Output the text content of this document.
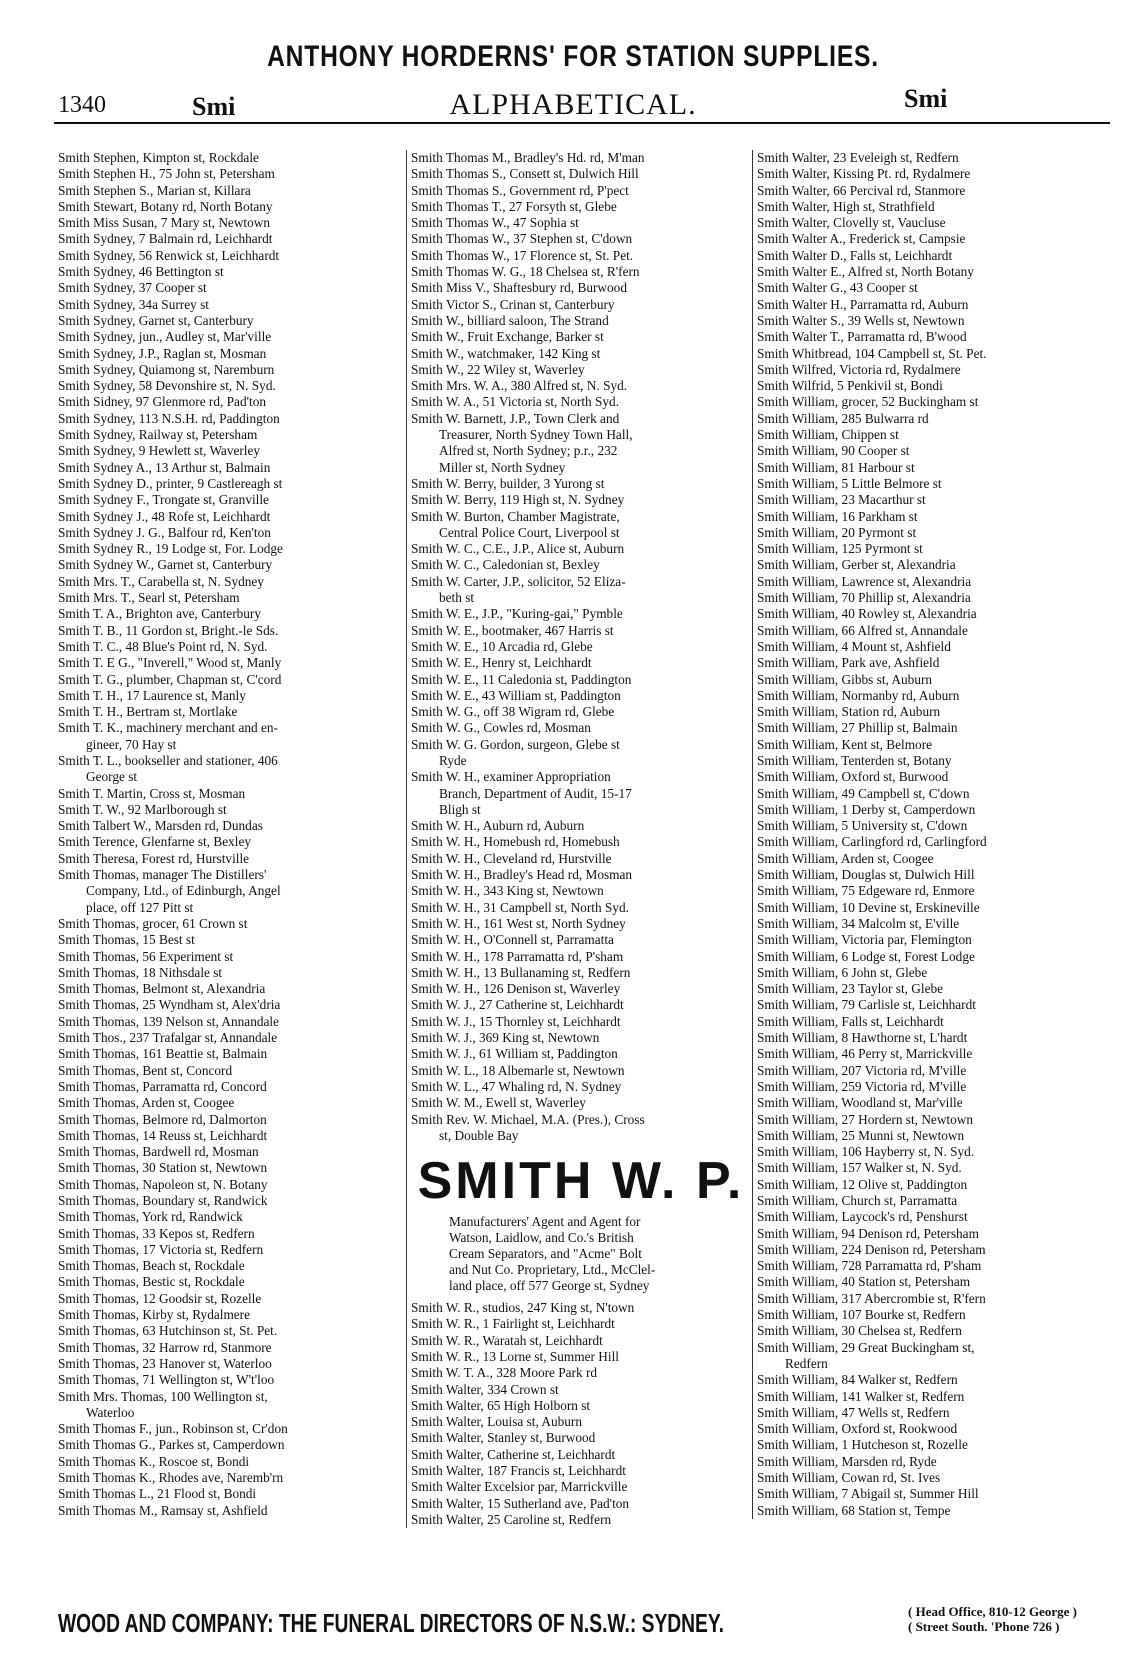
ANTHONY HORDERNS' FOR STATION SUPPLIES.
1340	Smi	ALPHABETICAL.	Smi

Smith Stephen, Kimpton st, Rockdale

Smith Stephen H., 75 John st, Petersham

Smith Stephen S., Marian st, Killara

Smith Stewart, Botany rd, North Botany

Smith Miss Susan, 7 Mary st, Newtown

Smith Sydney, 7 Balmain rd, Leichhardt

Smith Sydney, 56 Renwick st, Leichhardt

Smith Sydney, 46 Bettington st

Smith Sydney, 37 Cooper st

Smith Sydney, 34a Surrey st

Smith Sydney, Garnet st, Canterbury

Smith Sydney, jun., Audley st, Mar'ville

Smith Sydney, J.P., Raglan st, Mosman

Smith Sydney, Quiamong st, Naremburn

Smith Sydney, 58 Devonshire st, N. Syd.

Smith Sidney, 97 Glenmore rd, Pad'ton

Smith Sydney, 113 N.S.H. rd, Paddington

Smith Sydney, Railway st, Petersham

Smith Sydney, 9 Hewlett st, Waverley

Smith Sydney A., 13 Arthur st, Balmain

Smith Sydney D., printer, 9 Castlereagh st

Smith Sydney F., Trongate st, Granville

Smith Sydney J., 48 Rofe st, Leichhardt

Smith Sydney J. G., Balfour rd, Ken'ton

Smith Sydney R., 19 Lodge st, For. Lodge

Smith Sydney W., Garnet st, Canterbury

Smith Mrs. T., Carabella st, N. Sydney

Smith Mrs. T., Searl st, Petersham

Smith T. A., Brighton ave, Canterbury

Smith T. B., 11 Gordon st, Bright.-le Sds.

Smith T. C., 48 Blue's Point rd, N. Syd.

Smith T. E G., "Inverell," Wood st, Manly

Smith T. G., plumber, Chapman st, C'cord

Smith T. H., 17 Laurence st, Manly

Smith T. H., Bertram st, Mortlake

Smith T. K., machinery merchant and en-
gineer, 70 Hay st

Smith T. L., bookseller and stationer, 406
George st

Smith T. Martin, Cross st, Mosman

Smith T. W., 92 Marlborough st

Smith Talbert W., Marsden rd, Dundas

Smith Terence, Glenfarne st, Bexley

Smith Theresa, Forest rd, Hurstville

Smith Thomas, manager The Distillers'
Company, Ltd., of Edinburgh, Angel
place, off 127 Pitt st

Smith Thomas, grocer, 61 Crown st

Smith Thomas, 15 Best st

Smith Thomas, 56 Experiment st

Smith Thomas, 18 Nithsdale st

Smith Thomas, Belmont st, Alexandria

Smith Thomas, 25 Wyndham st, Alex'dria

Smith Thomas, 139 Nelson st, Annandale

Smith Thos., 237 Trafalgar st, Annandale

Smith Thomas, 161 Beattie st, Balmain

Smith Thomas, Bent st, Concord

Smith Thomas, Parramatta rd, Concord

Smith Thomas, Arden st, Coogee

Smith Thomas, Belmore rd, Dalmorton

Smith Thomas, 14 Reuss st, Leichhardt

Smith Thomas, Bardwell rd, Mosman

Smith Thomas, 30 Station st, Newtown

Smith Thomas, Napoleon st, N. Botany

Smith Thomas, Boundary st, Randwick

Smith Thomas, York rd, Randwick

Smith Thomas, 33 Kepos st, Redfern

Smith Thomas, 17 Victoria st, Redfern

Smith Thomas, Beach st, Rockdale

Smith Thomas, Bestic st, Rockdale

Smith Thomas, 12 Goodsir st, Rozelle

Smith Thomas, Kirby st, Rydalmere

Smith Thomas, 63 Hutchinson st, St. Pet.

Smith Thomas, 32 Harrow rd, Stanmore

Smith Thomas, 23 Hanover st, Waterloo

Smith Thomas, 71 Wellington st, W't'loo

Smith Mrs. Thomas, 100 Wellington st,
Waterloo

Smith Thomas F., jun., Robinson st, Cr'don

Smith Thomas G., Parkes st, Camperdown

Smith Thomas K., Roscoe st, Bondi

Smith Thomas K., Rhodes ave, Naremb'rn

Smith Thomas L., 21 Flood st, Bondi

Smith Thomas M., Ramsay st, Ashfield

Smith Thomas M., Bradley's Hd. rd, M'man

Smith Thomas S., Consett st, Dulwich Hill

Smith Thomas S., Government rd, P'pect

Smith Thomas T., 27 Forsyth st, Glebe

Smith Thomas W., 47 Sophia st

Smith Thomas W., 37 Stephen st, C'down

Smith Thomas W., 17 Florence st, St. Pet.

Smith Thomas W. G., 18 Chelsea st, R'fern

Smith Miss V., Shaftesbury rd, Burwood

Smith Victor S., Crinan st, Canterbury

Smith W., billiard saloon, The Strand

Smith W., Fruit Exchange, Barker st

Smith W., watchmaker, 142 King st

Smith W., 22 Wiley st, Waverley

Smith Mrs. W. A., 380 Alfred st, N. Syd.

Smith W. A., 51 Victoria st, North Syd.

Smith W. Barnett, J.P., Town Clerk and
Treasurer, North Sydney Town Hall,
Alfred st, North Sydney; p.r., 232
Miller st, North Sydney

Smith W. Berry, builder, 3 Yurong st

Smith W. Berry, 119 High st, N. Sydney

Smith W. Burton, Chamber Magistrate,
Central Police Court, Liverpool st

Smith W. C., C.E., J.P., Alice st, Auburn

Smith W. C., Caledonian st, Bexley

Smith W. Carter, J.P., solicitor, 52 Eliza-
beth st

Smith W. E., J.P., "Kuring-gai," Pymble

Smith W. E., bootmaker, 467 Harris st

Smith W. E., 10 Arcadia rd, Glebe

Smith W. E., Henry st, Leichhardt

Smith W. E., 11 Caledonia st, Paddington

Smith W. E., 43 William st, Paddington

Smith W. G., off 38 Wigram rd, Glebe

Smith W. G., Cowles rd, Mosman

Smith W. G. Gordon, surgeon, Glebe st
Ryde

Smith W. H., examiner Appropriation
Branch, Department of Audit, 15-17
Bligh st

Smith W. H., Auburn rd, Auburn

Smith W. H., Homebush rd, Homebush

Smith W. H., Cleveland rd, Hurstville

Smith W. H., Bradley's Head rd, Mosman

Smith W. H., 343 King st, Newtown

Smith W. H., 31 Campbell st, North Syd.

Smith W. H., 161 West st, North Sydney

Smith W. H., O'Connell st, Parramatta

Smith W. H., 178 Parramatta rd, P'sham

Smith W. H., 13 Bullanaming st, Redfern

Smith W. H., 126 Denison st, Waverley

Smith W. J., 27 Catherine st, Leichhardt

Smith W. J., 15 Thornley st, Leichhardt

Smith W. J., 369 King st, Newtown

Smith W. J., 61 William st, Paddington

Smith W. L., 18 Albemarle st, Newtown

Smith W. L., 47 Whaling rd, N. Sydney

Smith W. M., Ewell st, Waverley

Smith Rev. W. Michael, M.A. (Pres.), Cross
st, Double Bay

SMITH W. P.
Manufacturers' Agent and Agent for
Watson, Laidlow, and Co.'s British
Cream Separators, and "Acme" Bolt
and Nut Co. Proprietary, Ltd., McClel-
land place, off 577 George st, Sydney

Smith W. R., studios, 247 King st, N'town

Smith W. R., 1 Fairlight st, Leichhardt

Smith W. R., Waratah st, Leichhardt

Smith W. R., 13 Lorne st, Summer Hill

Smith W. T. A., 328 Moore Park rd

Smith Walter, 334 Crown st

Smith Walter, 65 High Holborn st

Smith Walter, Louisa st, Auburn

Smith Walter, Stanley st, Burwood

Smith Walter, Catherine st, Leichhardt

Smith Walter, 187 Francis st, Leichhardt

Smith Walter Excelsior par, Marrickville

Smith Walter, 15 Sutherland ave, Pad'ton

Smith Walter, 25 Caroline st, Redfern

Smith Walter, 23 Eveleigh st, Redfern

Smith Walter, Kissing Pt. rd, Rydalmere

Smith Walter, 66 Percival rd, Stanmore

Smith Walter, High st, Strathfield

Smith Walter, Clovelly st, Vaucluse

Smith Walter A., Frederick st, Campsie

Smith Walter D., Falls st, Leichhardt

Smith Walter E., Alfred st, North Botany

Smith Walter G., 43 Cooper st

Smith Walter H., Parramatta rd, Auburn

Smith Walter S., 39 Wells st, Newtown

Smith Walter T., Parramatta rd, B'wood

Smith Whitbread, 104 Campbell st, St. Pet.

Smith Wilfred, Victoria rd, Rydalmere

Smith Wilfrid, 5 Penkivil st, Bondi

Smith William, grocer, 52 Buckingham st

Smith William, 285 Bulwarra rd

Smith William, Chippen st

Smith William, 90 Cooper st

Smith William, 81 Harbour st

Smith William, 5 Little Belmore st

Smith William, 23 Macarthur st

Smith William, 16 Parkham st

Smith William, 20 Pyrmont st

Smith William, 125 Pyrmont st

Smith William, Gerber st, Alexandria

Smith William, Lawrence st, Alexandria

Smith William, 70 Phillip st, Alexandria

Smith William, 40 Rowley st, Alexandria

Smith William, 66 Alfred st, Annandale

Smith William, 4 Mount st, Ashfield

Smith William, Park ave, Ashfield

Smith William, Gibbs st, Auburn

Smith William, Normanby rd, Auburn

Smith William, Station rd, Auburn

Smith William, 27 Phillip st, Balmain

Smith William, Kent st, Belmore

Smith William, Tenterden st, Botany

Smith William, Oxford st, Burwood

Smith William, 49 Campbell st, C'down

Smith William, 1 Derby st, Camperdown

Smith William, 5 University st, C'down

Smith William, Carlingford rd, Carlingford

Smith William, Arden st, Coogee

Smith William, Douglas st, Dulwich Hill

Smith William, 75 Edgeware rd, Enmore

Smith William, 10 Devine st, Erskineville

Smith William, 34 Malcolm st, E'ville

Smith William, Victoria par, Flemington

Smith William, 6 Lodge st, Forest Lodge

Smith William, 6 John st, Glebe

Smith William, 23 Taylor st, Glebe

Smith William, 79 Carlisle st, Leichhardt

Smith William, Falls st, Leichhardt

Smith William, 8 Hawthorne st, L'hardt

Smith William, 46 Perry st, Marrickville

Smith William, 207 Victoria rd, M'ville

Smith William, 259 Victoria rd, M'ville

Smith William, Woodland st, Mar'ville

Smith William, 27 Hordern st, Newtown

Smith William, 25 Munni st, Newtown

Smith William, 106 Hayberry st, N. Syd.

Smith William, 157 Walker st, N. Syd.

Smith William, 12 Olive st, Paddington

Smith William, Church st, Parramatta

Smith William, Laycock's rd, Penshurst

Smith William, 94 Denison rd, Petersham

Smith William, 224 Denison rd, Petersham

Smith William, 728 Parramatta rd, P'sham

Smith William, 40 Station st, Petersham

Smith William, 317 Abercrombie st, R'fern

Smith William, 107 Bourke st, Redfern

Smith William, 30 Chelsea st, Redfern

Smith William, 29 Great Buckingham st,
Redfern

Smith William, 84 Walker st, Redfern

Smith William, 141 Walker st, Redfern

Smith William, 47 Wells st, Redfern

Smith William, Oxford st, Rookwood

Smith William, 1 Hutcheson st, Rozelle

Smith William, Marsden rd, Ryde

Smith William, Cowan rd, St. Ives

Smith William, 7 Abigail st, Summer Hill

Smith William, 68 Station st, Tempe

WOOD AND COMPANY: THE FUNERAL DIRECTORS OF N.S.W.: SYDNEY.	( Head Office, 810-12 George )
( Street South. 'Phone 726 )
